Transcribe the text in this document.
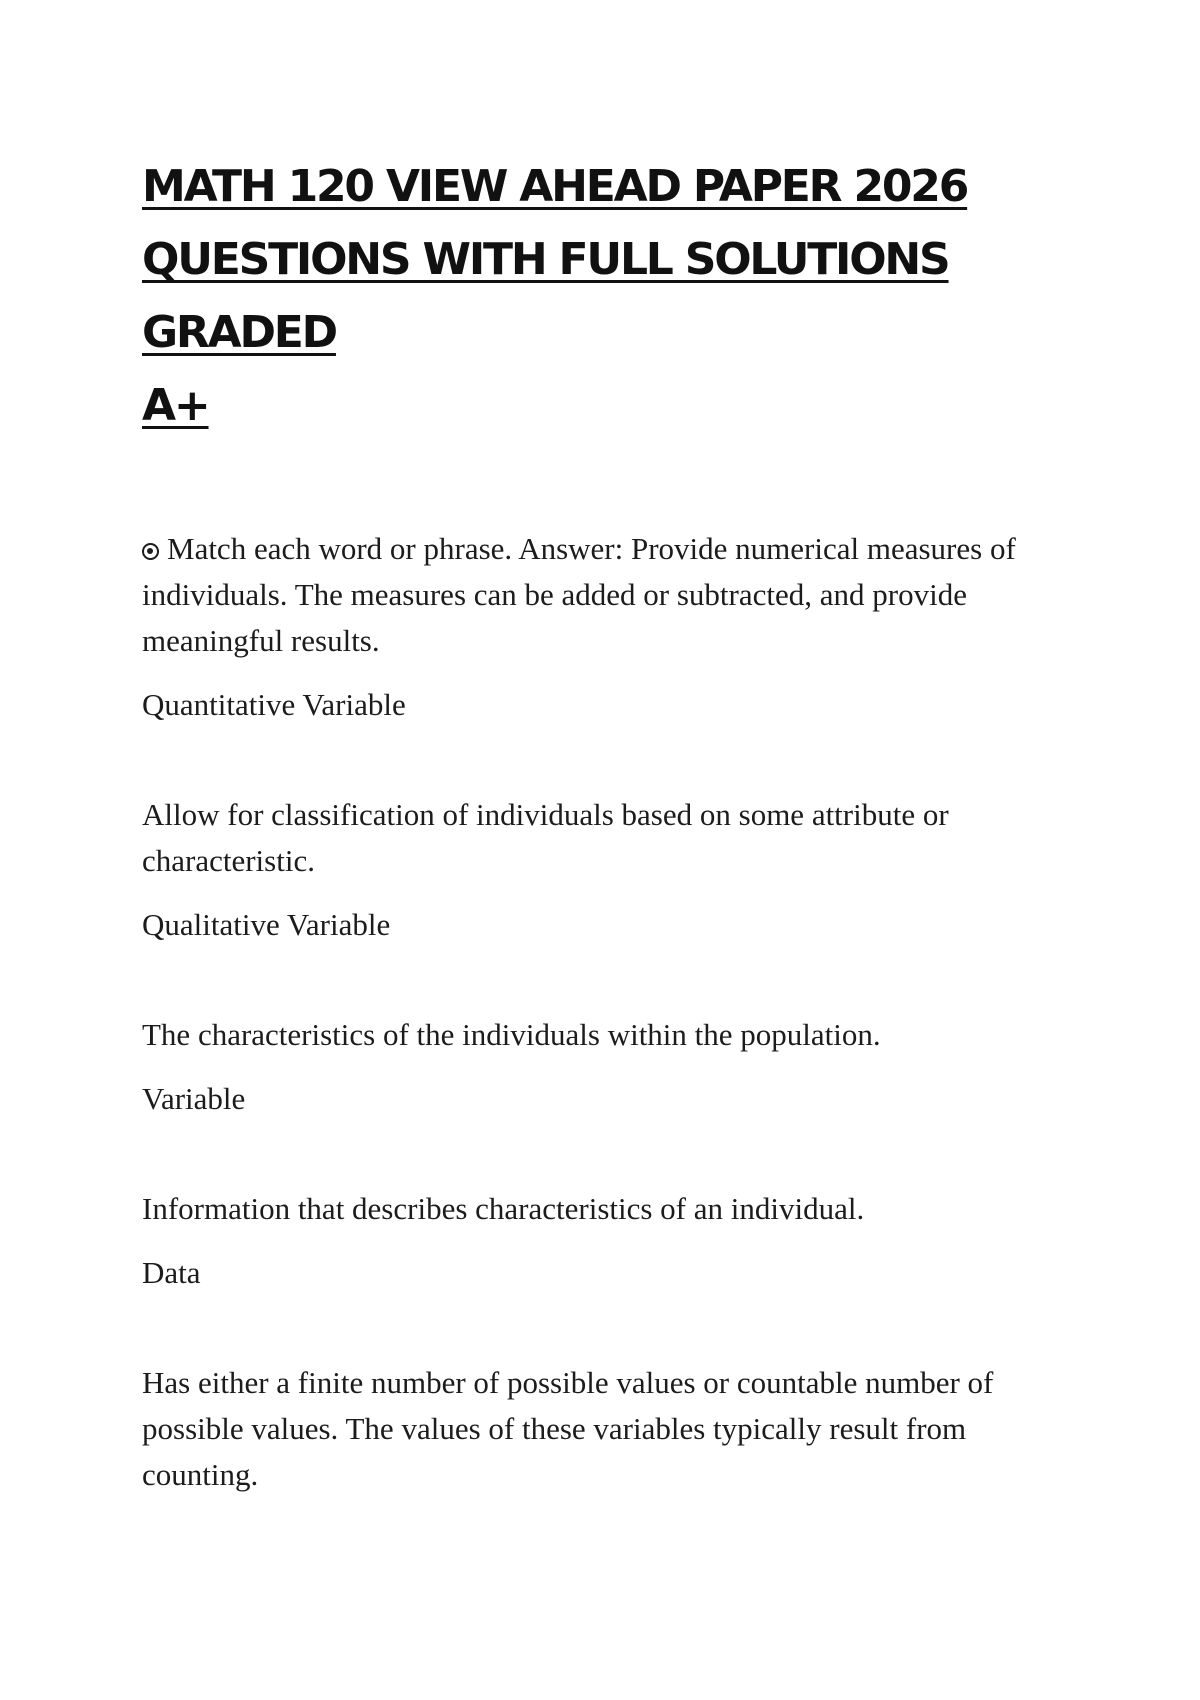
MATH 120 VIEW AHEAD PAPER 2026
QUESTIONS WITH FULL SOLUTIONS GRADED
A+

Match each word or phrase. Answer: Provide numerical measures of individuals. The measures can be added or subtracted, and provide meaningful results.

Quantitative Variable

Allow for classification of individuals based on some attribute or characteristic.

Qualitative Variable

The characteristics of the individuals within the population.

Variable

Information that describes characteristics of an individual.

Data

Has either a finite number of possible values or countable number of possible values. The values of these variables typically result from counting.
